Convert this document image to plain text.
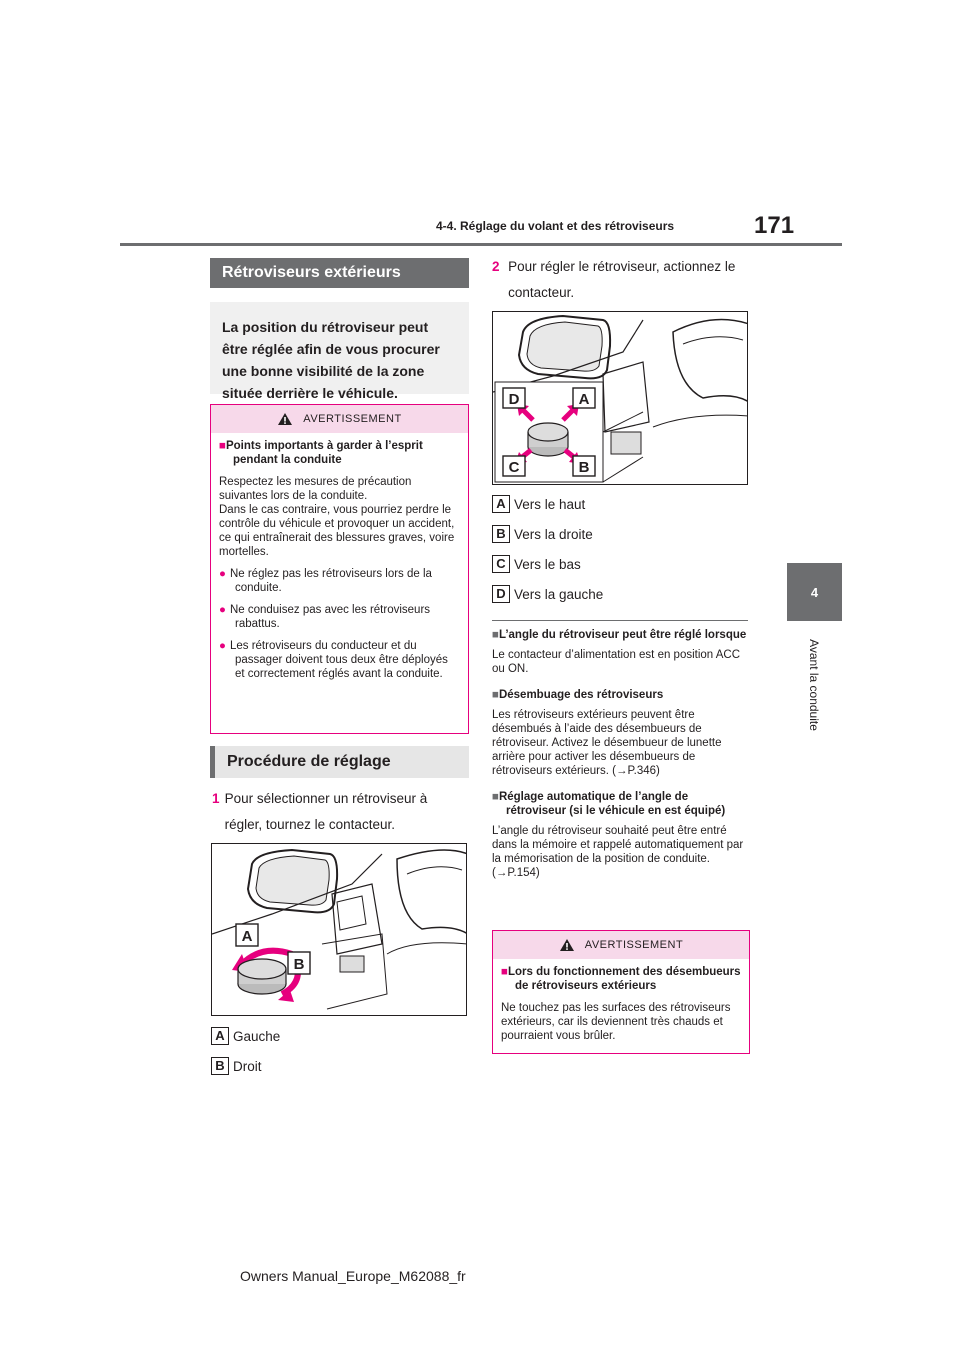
4-4. Réglage du volant et des rétroviseurs	171
4
Avant la conduite
Rétroviseurs extérieurs
La position du rétroviseur peut être réglée afin de vous procurer une bonne visibilité de la zone située derrière le véhicule.
AVERTISSEMENT
■Points importants à garder à l’esprit pendant la conduite

Respectez les mesures de précaution suivantes lors de la conduite.

Dans le cas contraire, vous pourriez perdre le contrôle du véhicule et provoquer un accident, ce qui entraînerait des blessures graves, voire mortelles.

● Ne réglez pas les rétroviseurs lors de la conduite.
● Ne conduisez pas avec les rétroviseurs rabattus.
● Les rétroviseurs du conducteur et du passager doivent tous deux être déployés et correctement réglés avant la conduite.
Procédure de réglage
1 Pour sélectionner un rétroviseur à régler, tournez le contacteur.
A
B
A Gauche
B Droit
2 Pour régler le rétroviseur, actionnez le contacteur.
D	A
C	B
A Vers le haut
B Vers la droite
C Vers le bas
D Vers la gauche
■L’angle du rétroviseur peut être réglé lorsque

Le contacteur d’alimentation est en position ACC ou ON.

■Désembuage des rétroviseurs

Les rétroviseurs extérieurs peuvent être désembués à l’aide des désembueurs de rétroviseur. Activez le désembueur de lunette arrière pour activer les désembueurs de rétroviseurs extérieurs. (→P.346)

■Réglage automatique de l’angle de rétroviseur (si le véhicule en est équipé)

L’angle du rétroviseur souhaité peut être entré dans la mémoire et rappelé automatiquement par la mémorisation de la position de conduite. (→P.154)

AVERTISSEMENT
■Lors du fonctionnement des désembueurs de rétroviseurs extérieurs

Ne touchez pas les surfaces des rétroviseurs extérieurs, car ils deviennent très chauds et pourraient vous brûler.

Owners Manual_Europe_M62088_fr
